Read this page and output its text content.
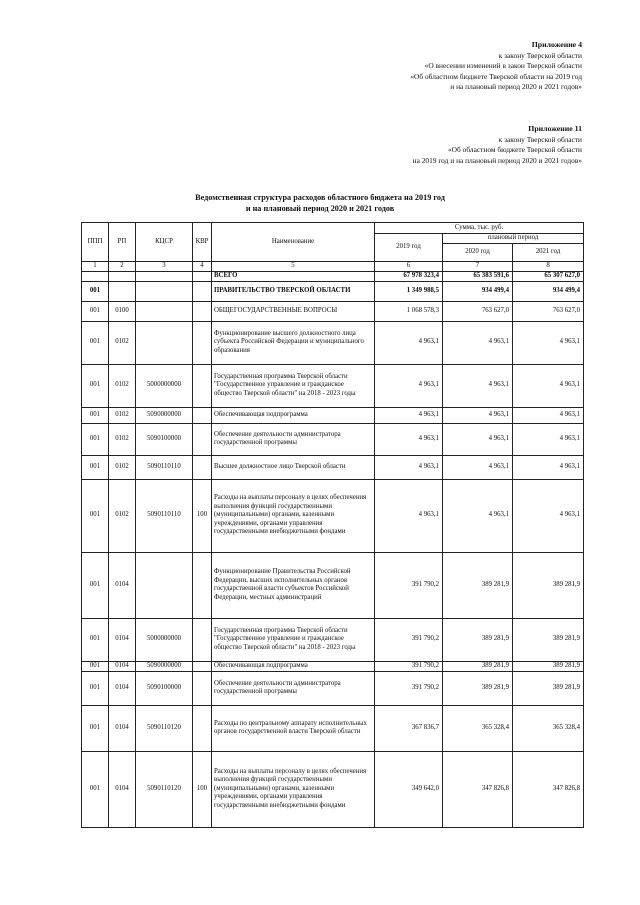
Приложение 4
к закону Тверской области
«О внесении изменений в закон Тверской области
«Об областном бюджете Тверской области на 2019 год
и на плановый период 2020 и 2021 годов»
Приложение 11
к закону Тверской области
«Об областном бюджете Тверской области
на 2019 год и на плановый период 2020 и 2021 годов»
Ведомственная структура расходов областного бюджета на 2019 год
и на плановый период 2020 и 2021 годов
ППП	РП	КЦСР	КВР	Наименование	Сумма, тыс. руб.		
					2019 год	плановый период	
						2020 год	2021 год
1	2	3	4	5	6	7	8
				ВСЕГО	67 978 323,4	65 383 591,6	65 307 627,0
001				ПРАВИТЕЛЬСТВО ТВЕРСКОЙ ОБЛАСТИ	1 349 988,5	934 499,4	934 499,4
001	0100			ОБЩЕГОСУДАРСТВЕННЫЕ ВОПРОСЫ	1 068 578,3	763 627,0	763 627,0
001	0102			Функционирование высшего должностного лица субъекта Российской Федерации и муниципального образования	4 963,1	4 963,1	4 963,1
001	0102	5000000000		Государственная программа Тверской области "Государственное управление и гражданское общество Тверской области" на 2018 - 2023 годы	4 963,1	4 963,1	4 963,1
001	0102	5090000000		Обеспечивающая подпрограмма	4 963,1	4 963,1	4 963,1
001	0102	5090100000		Обеспечение деятельности администратора государственной программы	4 963,1	4 963,1	4 963,1
001	0102	5090110110		Высшее должностное лицо Тверской области	4 963,1	4 963,1	4 963,1
001	0102	5090110110	100	Расходы на выплаты персоналу в целях обеспечения выполнения функций государственными (муниципальными) органами, казенными учреждениями, органами управления государственными внебюджетными фондами	4 963,1	4 963,1	4 963,1
001	0104			Функционирование Правительства Российской Федерации, высших исполнительных органов государственной власти субъектов Российской Федерации, местных администраций	391 790,2	389 281,9	389 281,9
001	0104	5000000000		Государственная программа Тверской области "Государственное управление и гражданское общество Тверской области" на 2018 - 2023 годы	391 790,2	389 281,9	389 281,9
001	0104	5090000000		Обеспечивающая подпрограмма	391 790,2	389 281,9	389 281,9
001	0104	5090100000		Обеспечение деятельности администратора государственной программы	391 790,2	389 281,9	389 281,9
001	0104	5090110120		Расходы по центральному аппарату исполнительных органов государственной власти Тверской области	367 836,7	365 328,4	365 328,4
001	0104	5090110120	100	Расходы на выплаты персоналу в целях обеспечения выполнения функций государственными (муниципальными) органами, казенными учреждениями, органами управления государственными внебюджетными фондами	349 642,0	347 826,8	347 826,8
